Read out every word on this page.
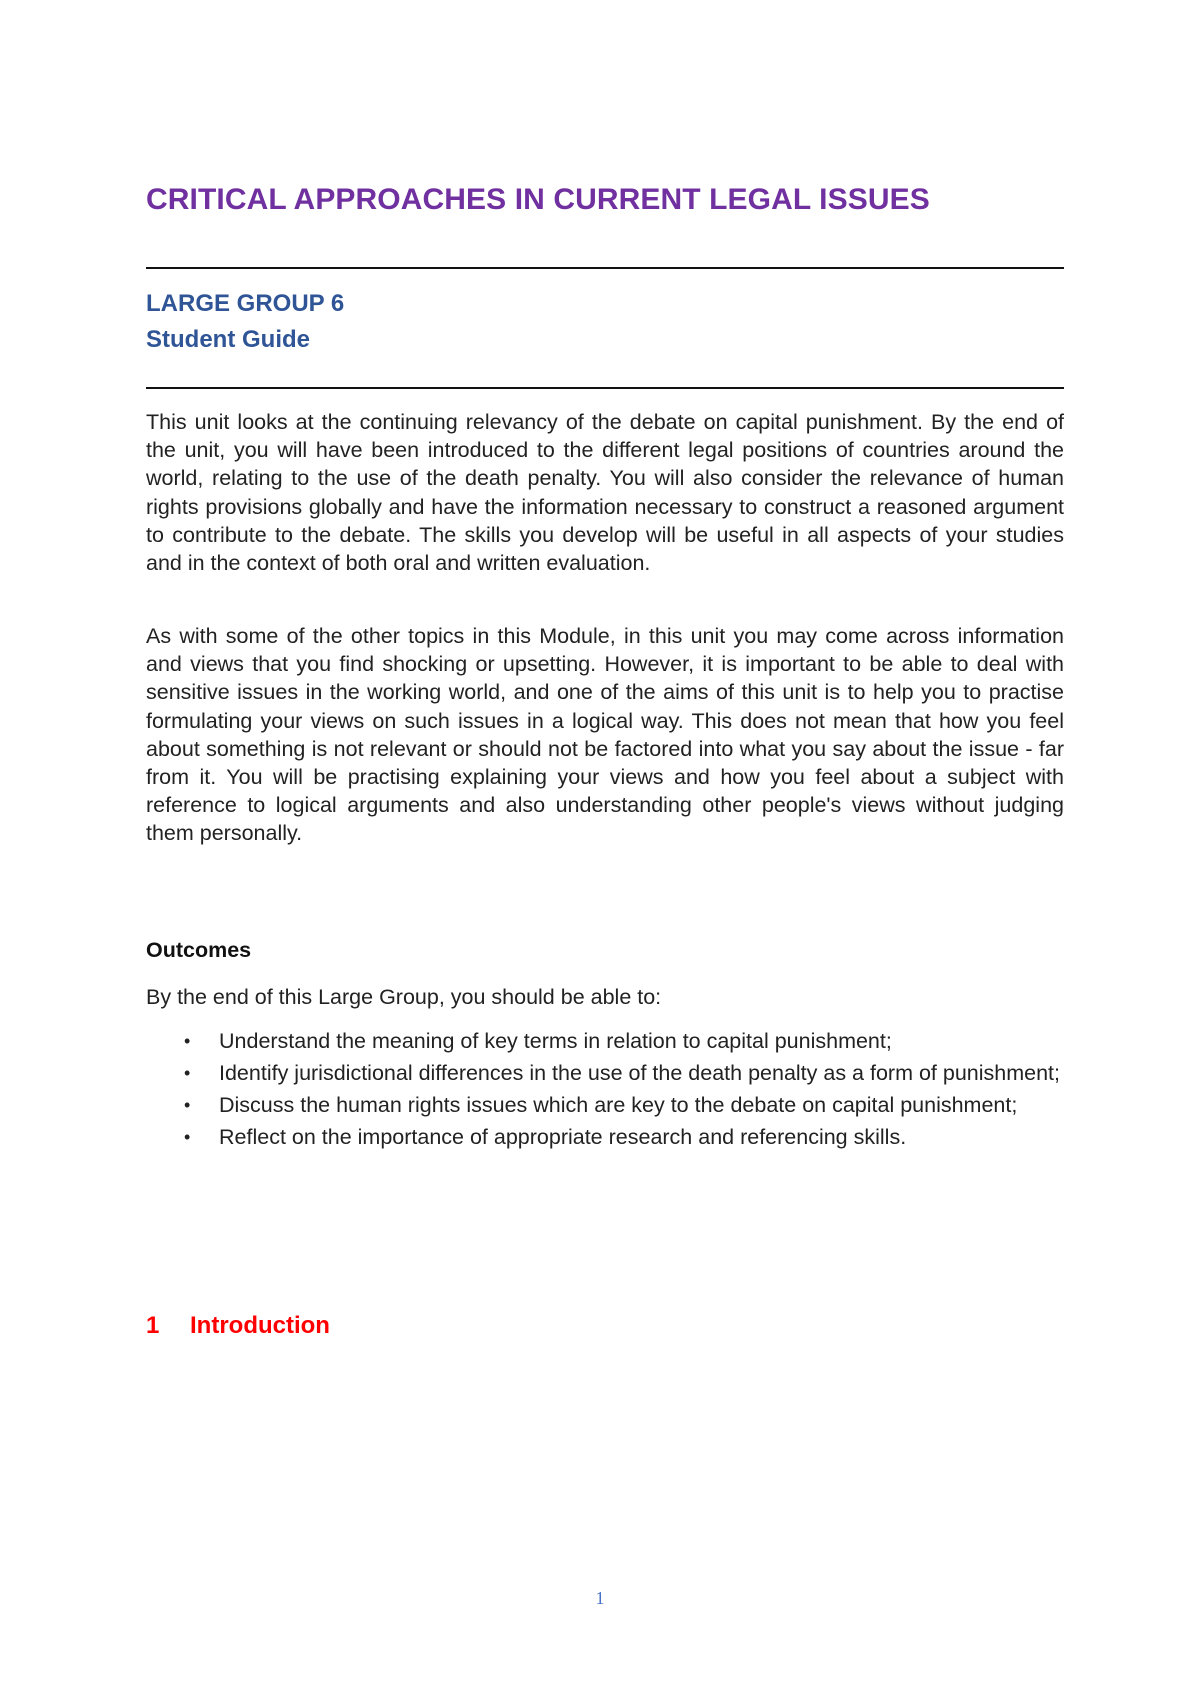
CRITICAL APPROACHES IN CURRENT LEGAL ISSUES
LARGE GROUP 6
Student Guide

This unit looks at the continuing relevancy of the debate on capital punishment. By the end of the unit, you will have been introduced to the different legal positions of countries around the world, relating to the use of the death penalty. You will also consider the relevance of human rights provisions globally and have the information necessary to construct a reasoned argument to contribute to the debate. The skills you develop will be useful in all aspects of your studies and in the context of both oral and written evaluation.

As with some of the other topics in this Module, in this unit you may come across information and views that you find shocking or upsetting. However, it is important to be able to deal with sensitive issues in the working world, and one of the aims of this unit is to help you to practise formulating your views on such issues in a logical way. This does not mean that how you feel about something is not relevant or should not be factored into what you say about the issue - far from it. You will be practising explaining your views and how you feel about a subject with reference to logical arguments and also understanding other people's views without judging them personally.

Outcomes
By the end of this Large Group, you should be able to:
• Understand the meaning of key terms in relation to capital punishment;
• Identify jurisdictional differences in the use of the death penalty as a form of punishment;
• Discuss the human rights issues which are key to the debate on capital punishment;
• Reflect on the importance of appropriate research and referencing skills.
1 Introduction
1
